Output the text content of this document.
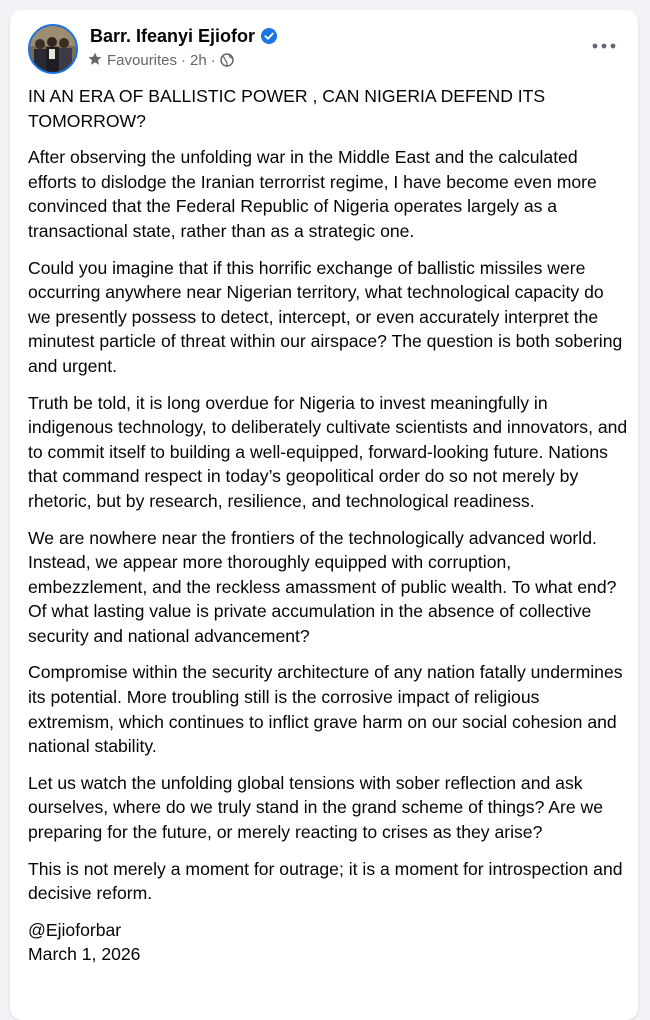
Barr. Ifeanyi Ejiofor
Favourites · 2h ·

IN AN ERA OF BALLISTIC POWER , CAN NIGERIA DEFEND ITS TOMORROW?

After observing the unfolding war in the Middle East and the calculated efforts to dislodge the Iranian terrorrist regime, I have become even more convinced that the Federal Republic of Nigeria operates largely as a transactional state, rather than as a strategic one.

Could you imagine that if this horrific exchange of ballistic missiles were occurring anywhere near Nigerian territory, what technological capacity do we presently possess to detect, intercept, or even accurately interpret the minutest particle of threat within our airspace? The question is both sobering and urgent.

Truth be told, it is long overdue for Nigeria to invest meaningfully in indigenous technology, to deliberately cultivate scientists and innovators, and to commit itself to building a well-equipped, forward-looking future. Nations that command respect in today’s geopolitical order do so not merely by rhetoric, but by research, resilience, and technological readiness.

We are nowhere near the frontiers of the technologically advanced world. Instead, we appear more thoroughly equipped with corruption, embezzlement, and the reckless amassment of public wealth. To what end? Of what lasting value is private accumulation in the absence of collective security and national advancement?

Compromise within the security architecture of any nation fatally undermines its potential. More troubling still is the corrosive impact of religious extremism, which continues to inflict grave harm on our social cohesion and national stability.

Let us watch the unfolding global tensions with sober reflection and ask ourselves, where do we truly stand in the grand scheme of things? Are we preparing for the future, or merely reacting to crises as they arise?

This is not merely a moment for outrage; it is a moment for introspection and decisive reform.

@Ejioforbar
March 1, 2026
